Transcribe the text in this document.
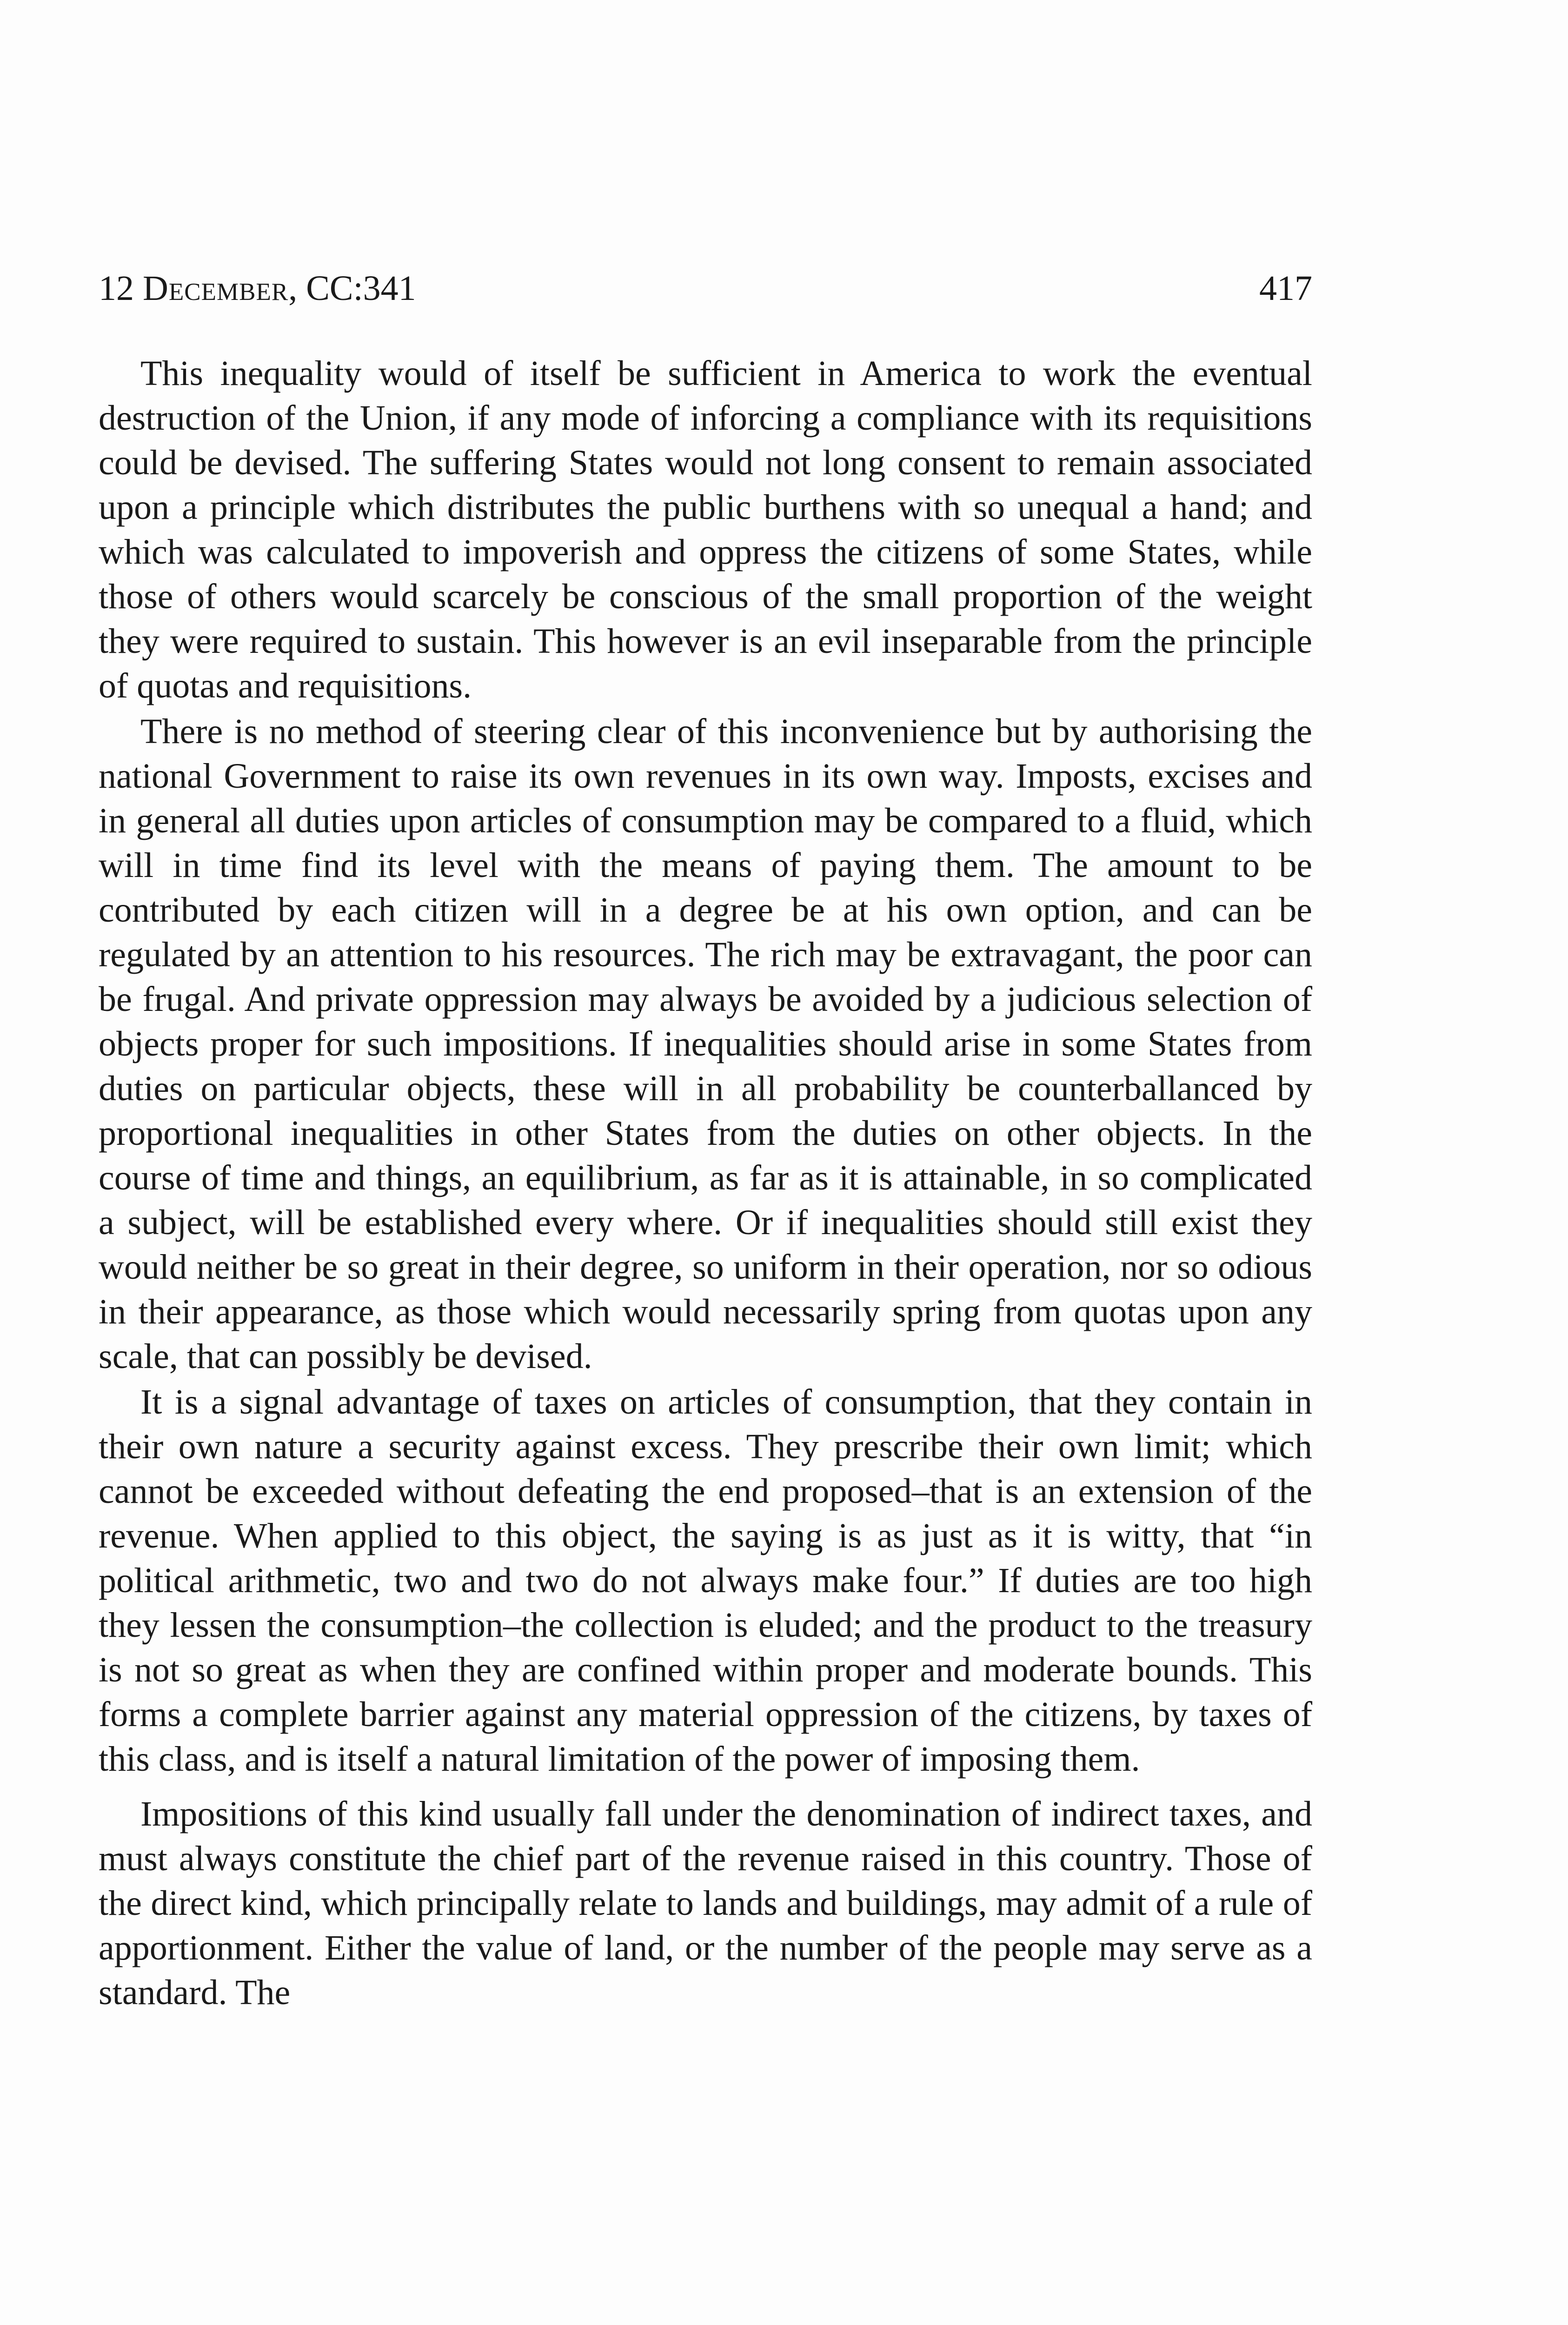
12 December, CC:341	417

This inequality would of itself be sufficient in America to work the eventual destruction of the Union, if any mode of inforcing a compliance with its requisitions could be devised. The suffering States would not long consent to remain associated upon a principle which distributes the public burthens with so unequal a hand; and which was calculated to impoverish and oppress the citizens of some States, while those of others would scarcely be conscious of the small proportion of the weight they were required to sustain. This however is an evil inseparable from the principle of quotas and requisitions.

There is no method of steering clear of this inconvenience but by authorising the national Government to raise its own revenues in its own way. Imposts, excises and in general all duties upon articles of consumption may be compared to a fluid, which will in time find its level with the means of paying them. The amount to be contributed by each citizen will in a degree be at his own option, and can be regulated by an attention to his resources. The rich may be extravagant, the poor can be frugal. And private oppression may always be avoided by a judicious selection of objects proper for such impositions. If inequalities should arise in some States from duties on particular objects, these will in all probability be counterballanced by proportional inequalities in other States from the duties on other objects. In the course of time and things, an equilibrium, as far as it is attainable, in so complicated a subject, will be established every where. Or if inequalities should still exist they would neither be so great in their degree, so uniform in their operation, nor so odious in their appearance, as those which would necessarily spring from quotas upon any scale, that can possibly be devised.

It is a signal advantage of taxes on articles of consumption, that they contain in their own nature a security against excess. They prescribe their own limit; which cannot be exceeded without defeating the end proposed–that is an extension of the revenue. When applied to this object, the saying is as just as it is witty, that “in political arithmetic, two and two do not always make four.” If duties are too high they lessen the consumption–the collection is eluded; and the product to the treasury is not so great as when they are confined within proper and moderate bounds. This forms a complete barrier against any material oppression of the citizens, by taxes of this class, and is itself a natural limitation of the power of imposing them.

Impositions of this kind usually fall under the denomination of indirect taxes, and must always constitute the chief part of the revenue raised in this country. Those of the direct kind, which principally relate to lands and buildings, may admit of a rule of apportionment. Either the value of land, or the number of the people may serve as a standard. The
